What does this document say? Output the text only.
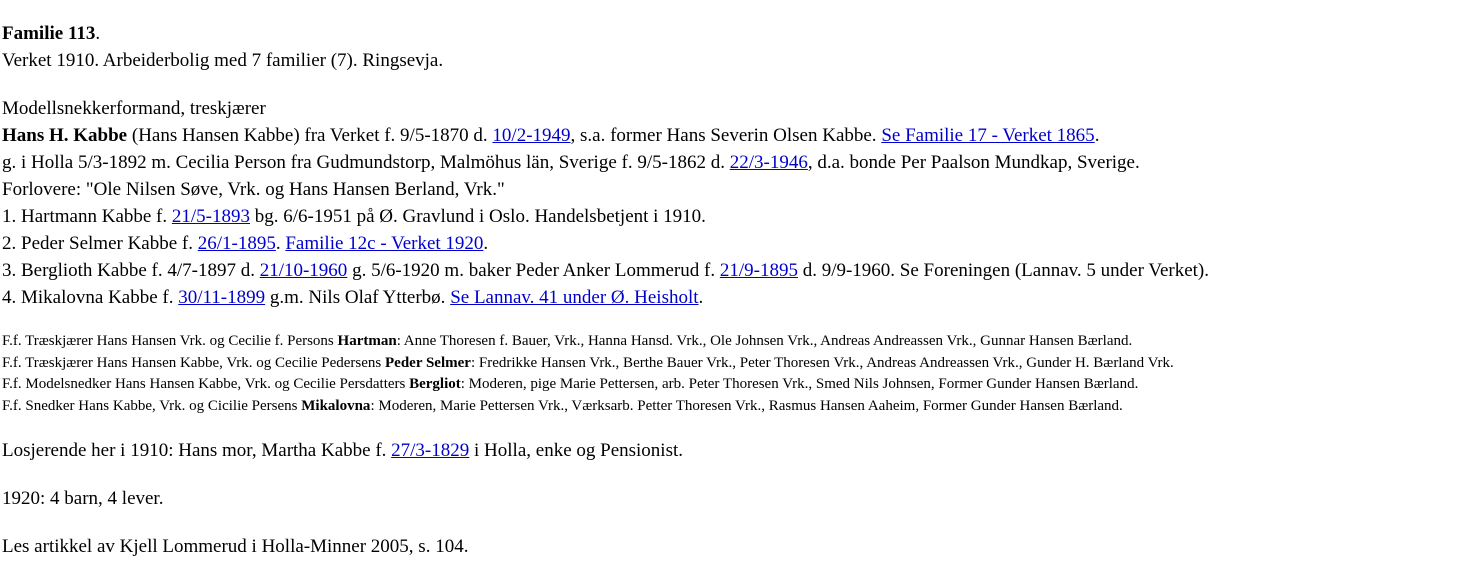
Familie 113.
Verket 1910. Arbeiderbolig med 7 familier (7). Ringsevja.
Modellsnekkerformand, treskjærer
Hans H. Kabbe (Hans Hansen Kabbe) fra Verket f. 9/5-1870 d. 10/2-1949, s.a. former Hans Severin Olsen Kabbe. Se Familie 17 - Verket 1865.
g. i Holla 5/3-1892 m. Cecilia Person fra Gudmundstorp, Malmöhus län, Sverige f. 9/5-1862 d. 22/3-1946, d.a. bonde Per Paalson Mundkap, Sverige.
Forlovere: "Ole Nilsen Søve, Vrk. og Hans Hansen Berland, Vrk."
1. Hartmann Kabbe f. 21/5-1893 bg. 6/6-1951 på Ø. Gravlund i Oslo. Handelsbetjent i 1910.
2. Peder Selmer Kabbe f. 26/1-1895. Familie 12c - Verket 1920.
3. Berglioth Kabbe f. 4/7-1897 d. 21/10-1960 g. 5/6-1920 m. baker Peder Anker Lommerud f. 21/9-1895 d. 9/9-1960. Se Foreningen (Lannav. 5 under Verket).
4. Mikalovna Kabbe f. 30/11-1899 g.m. Nils Olaf Ytterbø. Se Lannav. 41 under Ø. Heisholt.
F.f. Træskjærer Hans Hansen Vrk. og Cecilie f. Persons Hartman: Anne Thoresen f. Bauer, Vrk., Hanna Hansd. Vrk., Ole Johnsen Vrk., Andreas Andreassen Vrk., Gunnar Hansen Bærland.
F.f. Træskjærer Hans Hansen Kabbe, Vrk. og Cecilie Pedersens Peder Selmer: Fredrikke Hansen Vrk., Berthe Bauer Vrk., Peter Thoresen Vrk., Andreas Andreassen Vrk., Gunder H. Bærland Vrk.
F.f. Modelsnedker Hans Hansen Kabbe, Vrk. og Cecilie Persdatters Bergliot: Moderen, pige Marie Pettersen, arb. Peter Thoresen Vrk., Smed Nils Johnsen, Former Gunder Hansen Bærland.
F.f. Snedker Hans Kabbe, Vrk. og Cicilie Persens Mikalovna: Moderen, Marie Pettersen Vrk., Værksarb. Petter Thoresen Vrk., Rasmus Hansen Aaheim, Former Gunder Hansen Bærland.
Losjerende her i 1910: Hans mor, Martha Kabbe f. 27/3-1829 i Holla, enke og Pensionist.
1920: 4 barn, 4 lever.
Les artikkel av Kjell Lommerud i Holla-Minner 2005, s. 104.
